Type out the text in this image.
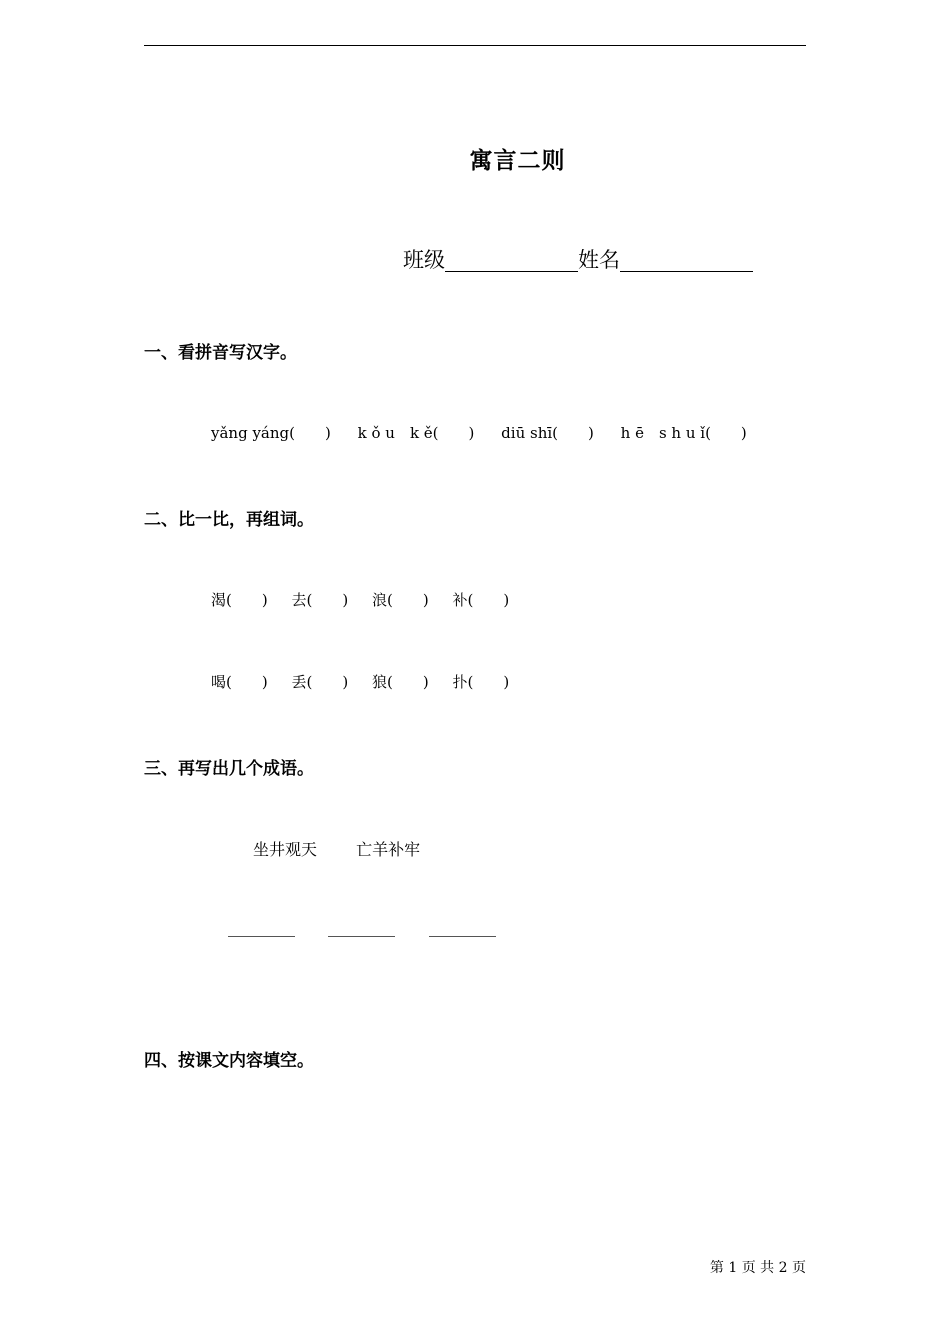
寓言二则
班级	姓名
一、看拼音写汉字。
yǎng yáng(　　) k ǒ u　k ě(　　) diū shī(　　) h ē　s h u ǐ(　　)
二、比一比，再组词。
渴(　　) 去(　　) 浪(　　) 补(　　)
喝(　　) 丢(　　) 狼(　　) 扑(　　)
三、再写出几个成语。
坐井观天 亡羊补牢
四、按课文内容填空。
第 1 页 共 2 页
